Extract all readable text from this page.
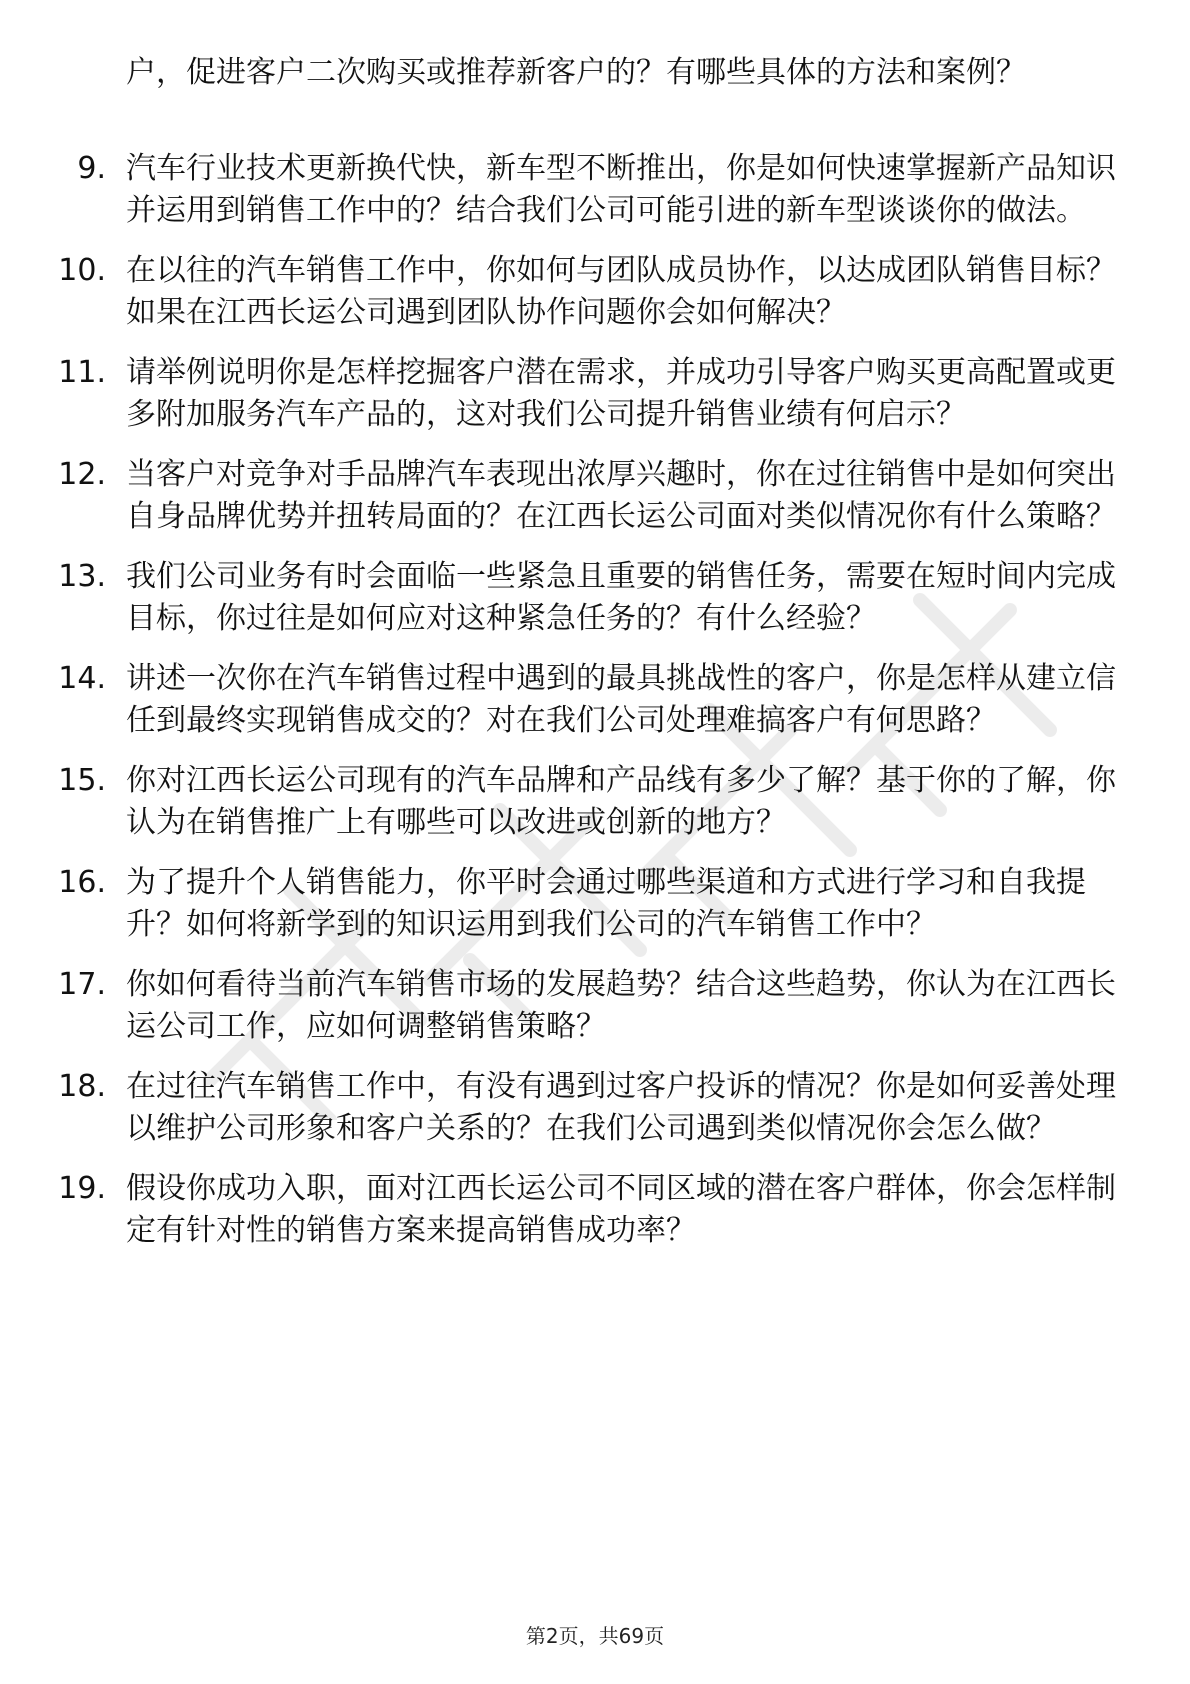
户，促进客户二次购买或推荐新客户的？有哪些具体的方法和案例？

9. 汽车行业技术更新换代快，新车型不断推出，你是如何快速掌握新产品知识并运用到销售工作中的？结合我们公司可能引进的新车型谈谈你的做法。
10. 在以往的汽车销售工作中，你如何与团队成员协作，以达成团队销售目标？如果在江西长运公司遇到团队协作问题你会如何解决？
11. 请举例说明你是怎样挖掘客户潜在需求，并成功引导客户购买更高配置或更多附加服务汽车产品的，这对我们公司提升销售业绩有何启示？
12. 当客户对竞争对手品牌汽车表现出浓厚兴趣时，你在过往销售中是如何突出自身品牌优势并扭转局面的？在江西长运公司面对类似情况你有什么策略？
13. 我们公司业务有时会面临一些紧急且重要的销售任务，需要在短时间内完成目标，你过往是如何应对这种紧急任务的？有什么经验？
14. 讲述一次你在汽车销售过程中遇到的最具挑战性的客户，你是怎样从建立信任到最终实现销售成交的？对在我们公司处理难搞客户有何思路？
15. 你对江西长运公司现有的汽车品牌和产品线有多少了解？基于你的了解，你认为在销售推广上有哪些可以改进或创新的地方？
16. 为了提升个人销售能力，你平时会通过哪些渠道和方式进行学习和自我提升？如何将新学到的知识运用到我们公司的汽车销售工作中？
17. 你如何看待当前汽车销售市场的发展趋势？结合这些趋势，你认为在江西长运公司工作，应如何调整销售策略？
18. 在过往汽车销售工作中，有没有遇到过客户投诉的情况？你是如何妥善处理以维护公司形象和客户关系的？在我们公司遇到类似情况你会怎么做？
19. 假设你成功入职，面对江西长运公司不同区域的潜在客户群体，你会怎样制定有针对性的销售方案来提高销售成功率？
第2页，共69页
